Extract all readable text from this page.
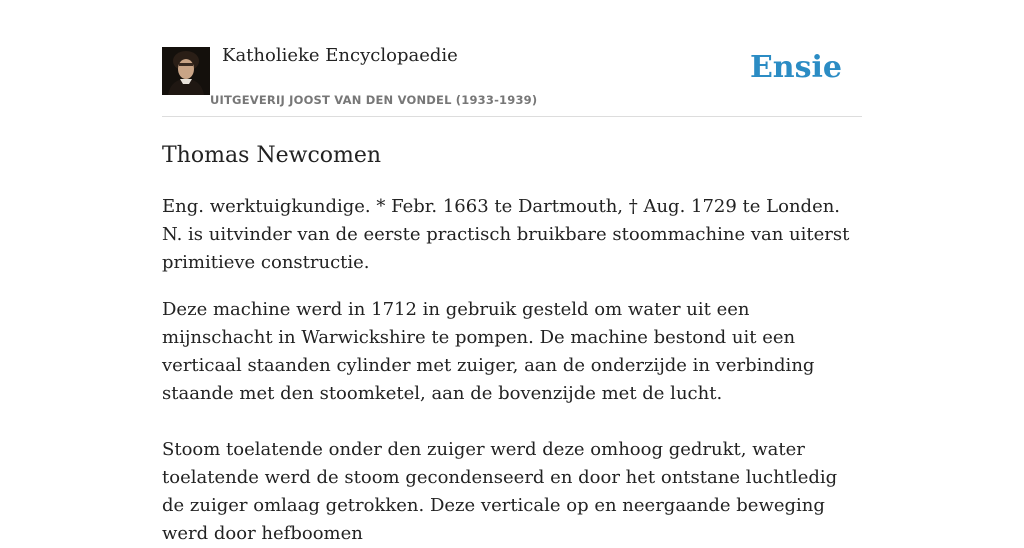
Katholieke Encyclopaedie
UITGEVERIJ JOOST VAN DEN VONDEL (1933-1939)
Ensie
Thomas Newcomen

Eng. werktuigkundige. * Febr. 1663 te Dartmouth, † Aug. 1729 te Londen. N. is uitvinder van de eerste practisch bruikbare stoommachine van uiterst primitieve constructie.

Deze machine werd in 1712 in gebruik gesteld om water uit een mijnschacht in Warwickshire te pompen. De machine bestond uit een verticaal staanden cylinder met zuiger, aan de onderzijde in verbinding staande met den stoomketel, aan de bovenzijde met de lucht.

Stoom toelatende onder den zuiger werd deze omhoog gedrukt, water toelatende werd de stoom gecondenseerd en door het ontstane luchtledig de zuiger omlaag getrokken. Deze verticale op en neergaande beweging werd door hefboomen
